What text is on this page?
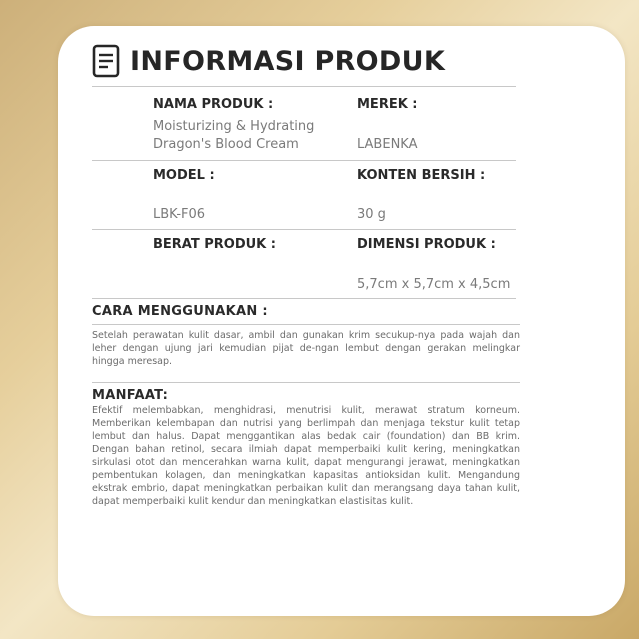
INFORMASI PRODUK
NAMA PRODUK :
Moisturizing & Hydrating
Dragon's Blood Cream
MEREK :
LABENKA
MODEL :
LBK-F06
KONTEN BERSIH :
30 g
BERAT PRODUK :	DIMENSI PRODUK :
5,7cm x 5,7cm x 4,5cm
CARA MENGGUNAKAN :

Setelah perawatan kulit dasar, ambil dan gunakan krim secukup-nya pada wajah dan leher dengan ujung jari kemudian pijat de-ngan lembut dengan gerakan melingkar hingga meresap.

MANFAAT:

Efektif melembabkan, menghidrasi, menutrisi kulit, merawat stratum korneum. Memberikan kelembapan dan nutrisi yang berlimpah dan menjaga tekstur kulit tetap lembut dan halus. Dapat menggantikan alas bedak cair (foundation) dan BB krim. Dengan bahan retinol, secara ilmiah dapat memperbaiki kulit kering, meningkatkan sirkulasi otot dan mencerahkan warna kulit, dapat mengurangi jerawat, meningkatkan pembentukan kolagen, dan meningkatkan kapasitas antioksidan kulit. Mengandung ekstrak embrio, dapat meningkatkan perbaikan kulit dan merangsang daya tahan kulit, dapat memperbaiki kulit kendur dan meningkatkan elastisitas kulit.
